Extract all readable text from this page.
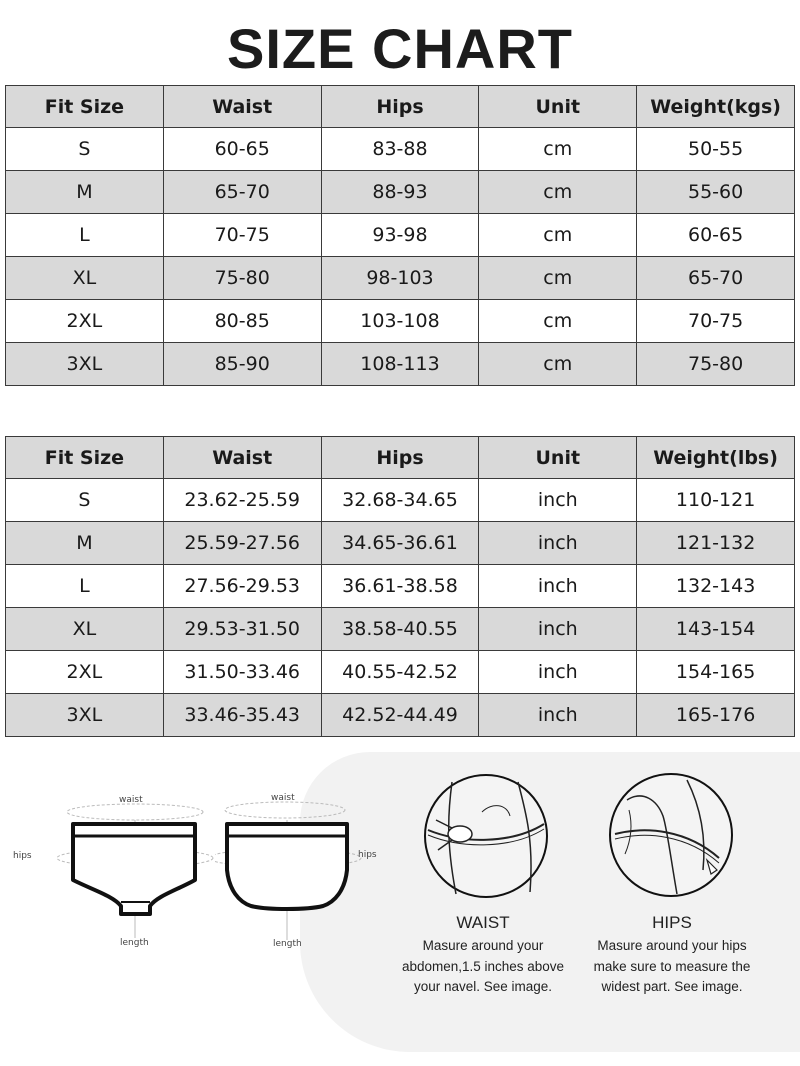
SIZE CHART
Fit Size	Waist	Hips	Unit	Weight(kgs)
S	60-65	83-88	cm	50-55
M	65-70	88-93	cm	55-60
L	70-75	93-98	cm	60-65
XL	75-80	98-103	cm	65-70
2XL	80-85	103-108	cm	70-75
3XL	85-90	108-113	cm	75-80
Fit Size	Waist	Hips	Unit	Weight(lbs)
S	23.62-25.59	32.68-34.65	inch	110-121
M	25.59-27.56	34.65-36.61	inch	121-132
L	27.56-29.53	36.61-38.58	inch	132-143
XL	29.53-31.50	38.58-40.55	inch	143-154
2XL	31.50-33.46	40.55-42.52	inch	154-165
3XL	33.46-35.43	42.52-44.49	inch	165-176
waist
hips
length
waist
hips
length
WAIST
Masure around your
abdomen,1.5 inches above
your navel. See image.
HIPS
Masure around your hips
make sure to measure the
widest part. See image.
